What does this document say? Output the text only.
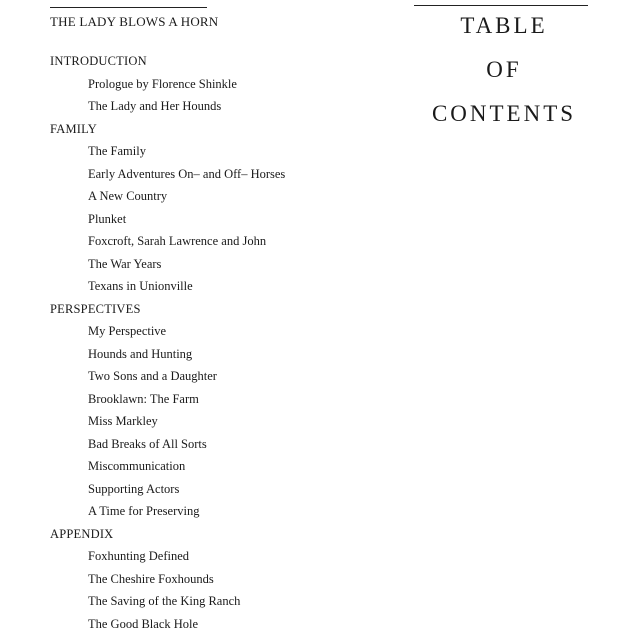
THE LADY BLOWS A HORN	TABLE
OF
CONTENTS
INTRODUCTION
Prologue by Florence Shinkle
The Lady and Her Hounds
FAMILY
The Family
Early Adventures On– and Off– Horses
A New Country
Plunket
Foxcroft, Sarah Lawrence and John
The War Years
Texans in Unionville
PERSPECTIVES
My Perspective
Hounds and Hunting
Two Sons and a Daughter
Brooklawn: The Farm
Miss Markley
Bad Breaks of All Sorts
Miscommunication
Supporting Actors
A Time for Preserving
APPENDIX
Foxhunting Defined
The Cheshire Foxhounds
The Saving of the King Ranch
The Good Black Hole
